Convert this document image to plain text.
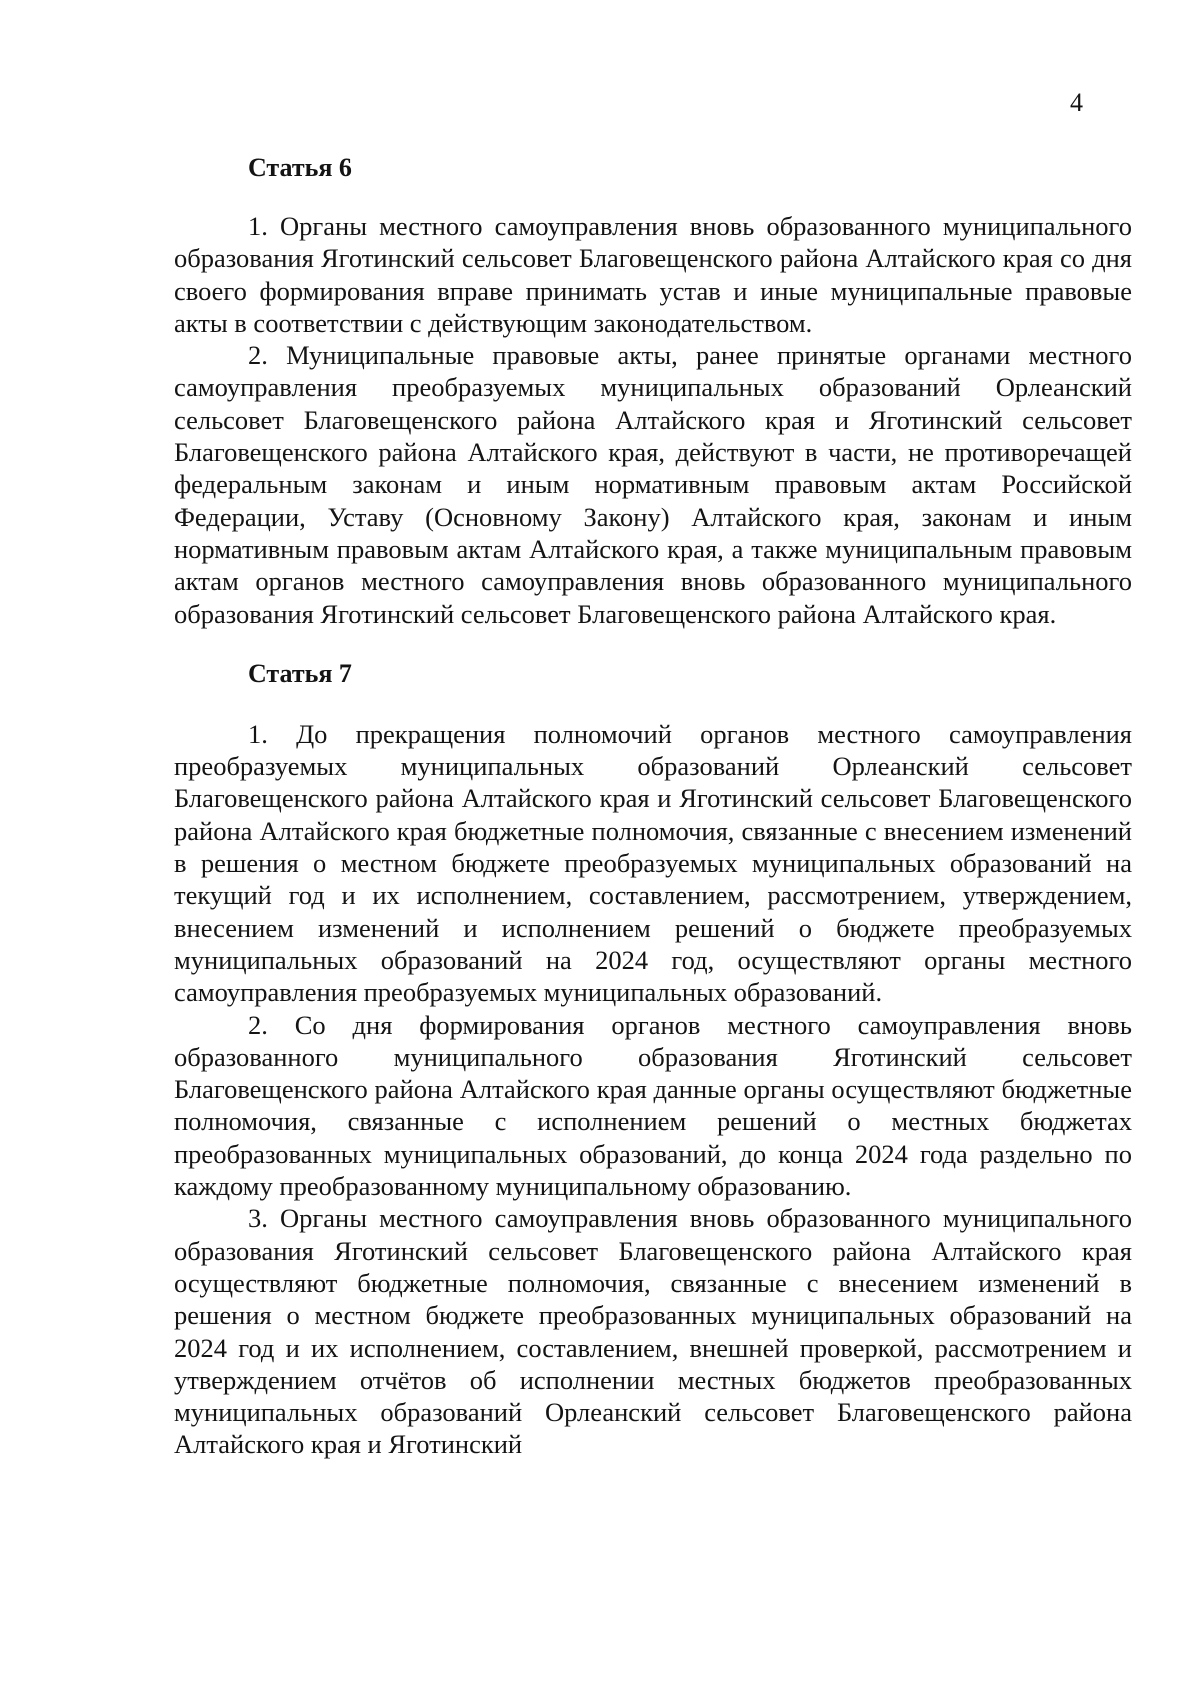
4
Статья 6

1. Органы местного самоуправления вновь образованного муниципального образования Яготинский сельсовет Благовещенского района Алтайского края со дня своего формирования вправе принимать устав и иные муниципальные правовые акты в соответствии с действующим законодательством.

2. Муниципальные правовые акты, ранее принятые органами местного самоуправления преобразуемых муниципальных образований Орлеанский сельсовет Благовещенского района Алтайского края и Яготинский сельсовет Благовещенского района Алтайского края, действуют в части, не противоречащей федеральным законам и иным нормативным правовым актам Российской Федерации, Уставу (Основному Закону) Алтайского края, законам и иным нормативным правовым актам Алтайского края, а также муниципальным правовым актам органов местного самоуправления вновь образованного муниципального образования Яготинский сельсовет Благовещенского района Алтайского края.

Статья 7

1. До прекращения полномочий органов местного самоуправления преобразуемых муниципальных образований Орлеанский сельсовет Благовещенского района Алтайского края и Яготинский сельсовет Благовещенского района Алтайского края бюджетные полномочия, связанные с внесением изменений в решения о местном бюджете преобразуемых муниципальных образований на текущий год и их исполнением, составлением, рассмотрением, утверждением, внесением изменений и исполнением решений о бюджете преобразуемых муниципальных образований на 2024 год, осуществляют органы местного самоуправления преобразуемых муниципальных образований.

2. Со дня формирования органов местного самоуправления вновь образованного муниципального образования Яготинский сельсовет Благовещенского района Алтайского края данные органы осуществляют бюджетные полномочия, связанные с исполнением решений о местных бюджетах преобразованных муниципальных образований, до конца 2024 года раздельно по каждому преобразованному муниципальному образованию.

3. Органы местного самоуправления вновь образованного муниципального образования Яготинский сельсовет Благовещенского района Алтайского края осуществляют бюджетные полномочия, связанные с внесением изменений в решения о местном бюджете преобразованных муниципальных образований на 2024 год и их исполнением, составлением, внешней проверкой, рассмотрением и утверждением отчётов об исполнении местных бюджетов преобразованных муниципальных образований Орлеанский сельсовет Благовещенского района Алтайского края и Яготинский
